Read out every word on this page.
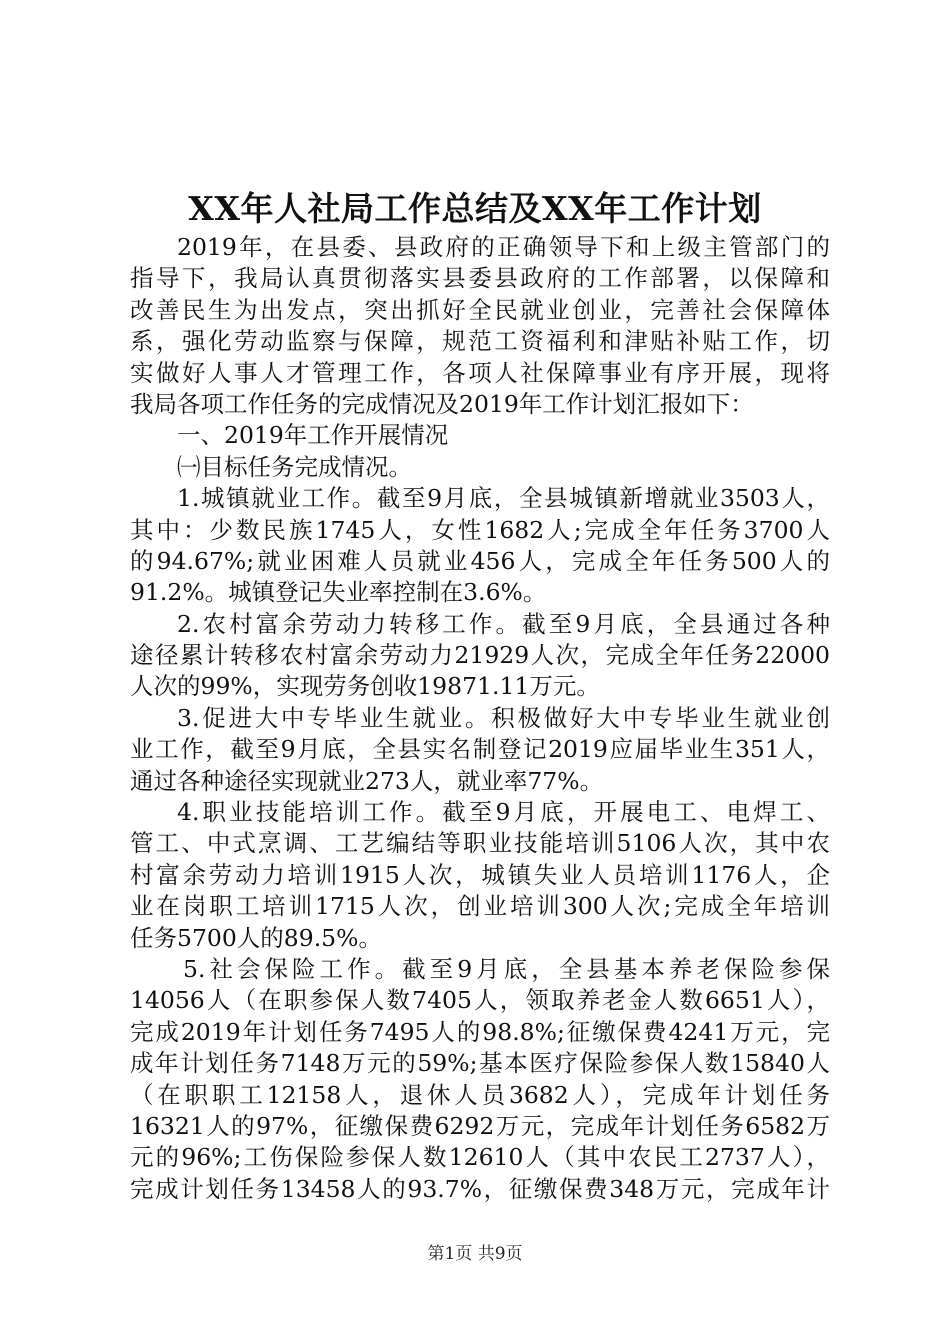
XX年人社局工作总结及XX年工作计划
2019年，在县委、县政府的正确领导下和上级主管部门的
指导下，我局认真贯彻落实县委县政府的工作部署，以保障和
改善民生为出发点，突出抓好全民就业创业，完善社会保障体
系，强化劳动监察与保障，规范工资福利和津贴补贴工作，切
实做好人事人才管理工作，各项人社保障事业有序开展，现将
我局各项工作任务的完成情况及2019年工作计划汇报如下：
一、2019年工作开展情况
㈠目标任务完成情况。
1.城镇就业工作。截至9月底，全县城镇新增就业3503人，
其中：少数民族1745人，女性1682人;完成全年任务3700人
的94.67%;就业困难人员就业456人，完成全年任务500人的
91.2%。城镇登记失业率控制在3.6%。
2.农村富余劳动力转移工作。截至9月底，全县通过各种
途径累计转移农村富余劳动力21929人次，完成全年任务22000
人次的99%，实现劳务创收19871.11万元。
3.促进大中专毕业生就业。积极做好大中专毕业生就业创
业工作，截至9月底，全县实名制登记2019应届毕业生351人，
通过各种途径实现就业273人，就业率77%。
4.职业技能培训工作。截至9月底，开展电工、电焊工、
管工、中式烹调、工艺编结等职业技能培训5106人次，其中农
村富余劳动力培训1915人次，城镇失业人员培训1176人，企
业在岗职工培训1715人次，创业培训300人次;完成全年培训
任务5700人的89.5%。
5.社会保险工作。截至9月底，全县基本养老保险参保
14056人（在职参保人数7405人，领取养老金人数6651人），
完成2019年计划任务7495人的98.8%;征缴保费4241万元，完
成年计划任务7148万元的59%;基本医疗保险参保人数15840人
（在职职工12158人，退休人员3682人），完成年计划任务
16321人的97%，征缴保费6292万元，完成年计划任务6582万
元的96%;工伤保险参保人数12610人（其中农民工2737人），
完成计划任务13458人的93.7%，征缴保费348万元，完成年计
第1页 共9页
